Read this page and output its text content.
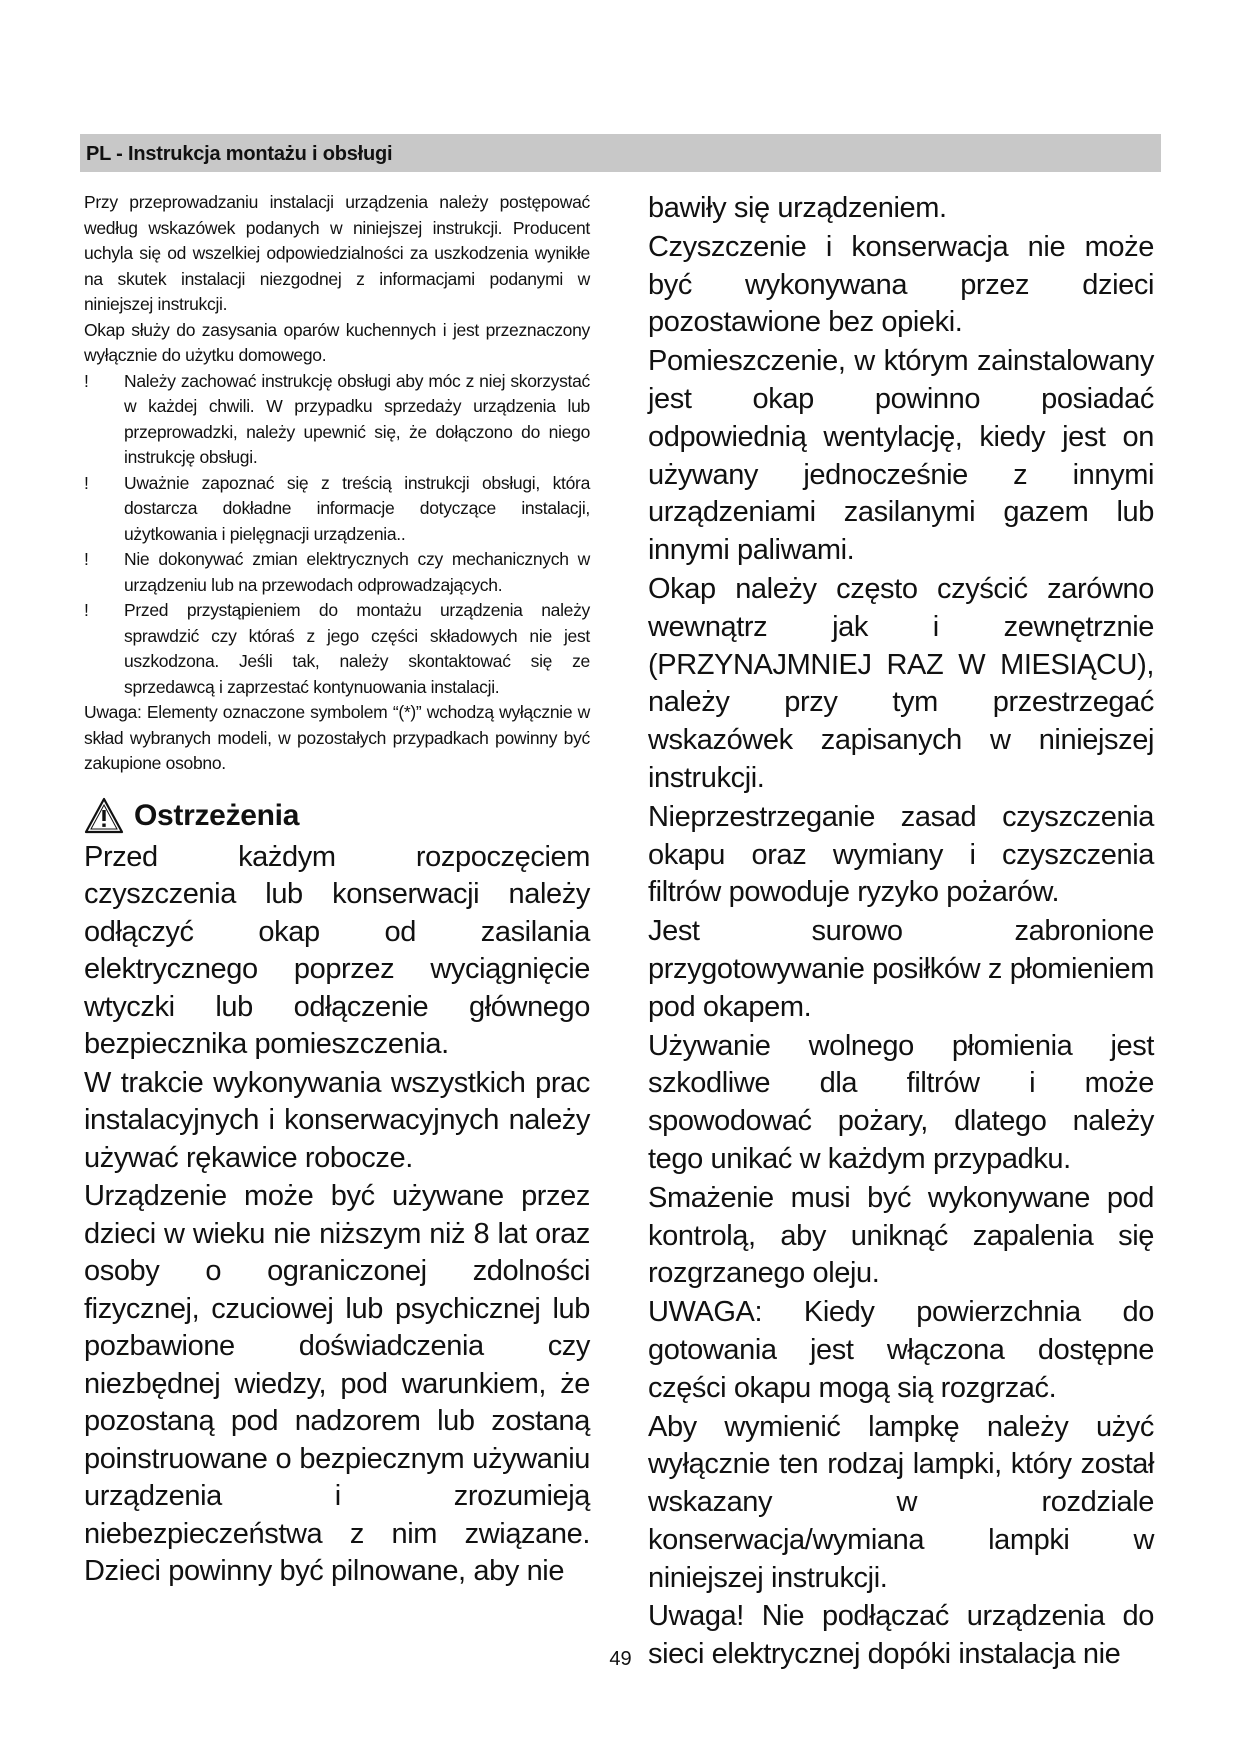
PL - Instrukcja montażu i obsługi

Przy przeprowadzaniu instalacji urządzenia należy postępować według wskazówek podanych w niniejszej instrukcji. Producent uchyla się od wszelkiej odpowiedzialności za uszkodzenia wynikłe na skutek instalacji niezgodnej z informacjami podanymi w niniejszej instrukcji.

Okap służy do zasysania oparów kuchennych i jest przeznaczony wyłącznie do użytku domowego.

! Należy zachować instrukcję obsługi aby móc z niej skorzystać w każdej chwili. W przypadku sprzedaży urządzenia lub przeprowadzki, należy upewnić się, że dołączono do niego instrukcję obsługi.

! Uważnie zapoznać się z treścią instrukcji obsługi, która dostarcza dokładne informacje dotyczące instalacji, użytkowania i pielęgnacji urządzenia..

! Nie dokonywać zmian elektrycznych czy mechanicznych w urządzeniu lub na przewodach odprowadzających.

! Przed przystąpieniem do montażu urządzenia należy sprawdzić czy któraś z jego części składowych nie jest uszkodzona. Jeśli tak, należy skontaktować się ze sprzedawcą i zaprzestać kontynuowania instalacji.

Uwaga: Elementy oznaczone symbolem “(*)” wchodzą wyłącznie w skład wybranych modeli, w pozostałych przypadkach powinny być zakupione osobno.

Ostrzeżenia

Przed każdym rozpoczęciem czyszczenia lub konserwacji należy odłączyć okap od zasilania elektrycznego poprzez wyciągnięcie wtyczki lub odłączenie głównego bezpiecznika pomieszczenia.

W trakcie wykonywania wszystkich prac instalacyjnych i konserwacyjnych należy używać rękawice robocze.

Urządzenie może być używane przez dzieci w wieku nie niższym niż 8 lat oraz osoby o ograniczonej zdolności fizycznej, czuciowej lub psychicznej lub pozbawione doświadczenia czy niezbędnej wiedzy, pod warunkiem, że pozostaną pod nadzorem lub zostaną poinstruowane o bezpiecznym używaniu urządzenia i zrozumieją niebezpieczeństwa z nim związane. Dzieci powinny być pilnowane, aby nie

bawiły się urządzeniem.

Czyszczenie i konserwacja nie może być wykonywana przez dzieci pozostawione bez opieki.

Pomieszczenie, w którym zainstalowany jest okap powinno posiadać odpowiednią wentylację, kiedy jest on używany jednocześnie z innymi urządzeniami zasilanymi gazem lub innymi paliwami.

Okap należy często czyścić zarówno wewnątrz jak i zewnętrznie (PRZYNAJMNIEJ RAZ W MIESIĄCU), należy przy tym przestrzegać wskazówek zapisanych w niniejszej instrukcji.

Nieprzestrzeganie zasad czyszczenia okapu oraz wymiany i czyszczenia filtrów powoduje ryzyko pożarów.

Jest surowo zabronione przygotowywanie posiłków z płomieniem pod okapem.

Używanie wolnego płomienia jest szkodliwe dla filtrów i może spowodować pożary, dlatego należy tego unikać w każdym przypadku.

Smażenie musi być wykonywane pod kontrolą, aby uniknąć zapalenia się rozgrzanego oleju.

UWAGA: Kiedy powierzchnia do gotowania jest włączona dostępne części okapu mogą sią rozgrzać.

Aby wymienić lampkę należy użyć wyłącznie ten rodzaj lampki, który został wskazany w rozdziale konserwacja/wymiana lampki w niniejszej instrukcji.

Uwaga! Nie podłączać urządzenia do sieci elektrycznej dopóki instalacja nie

49
